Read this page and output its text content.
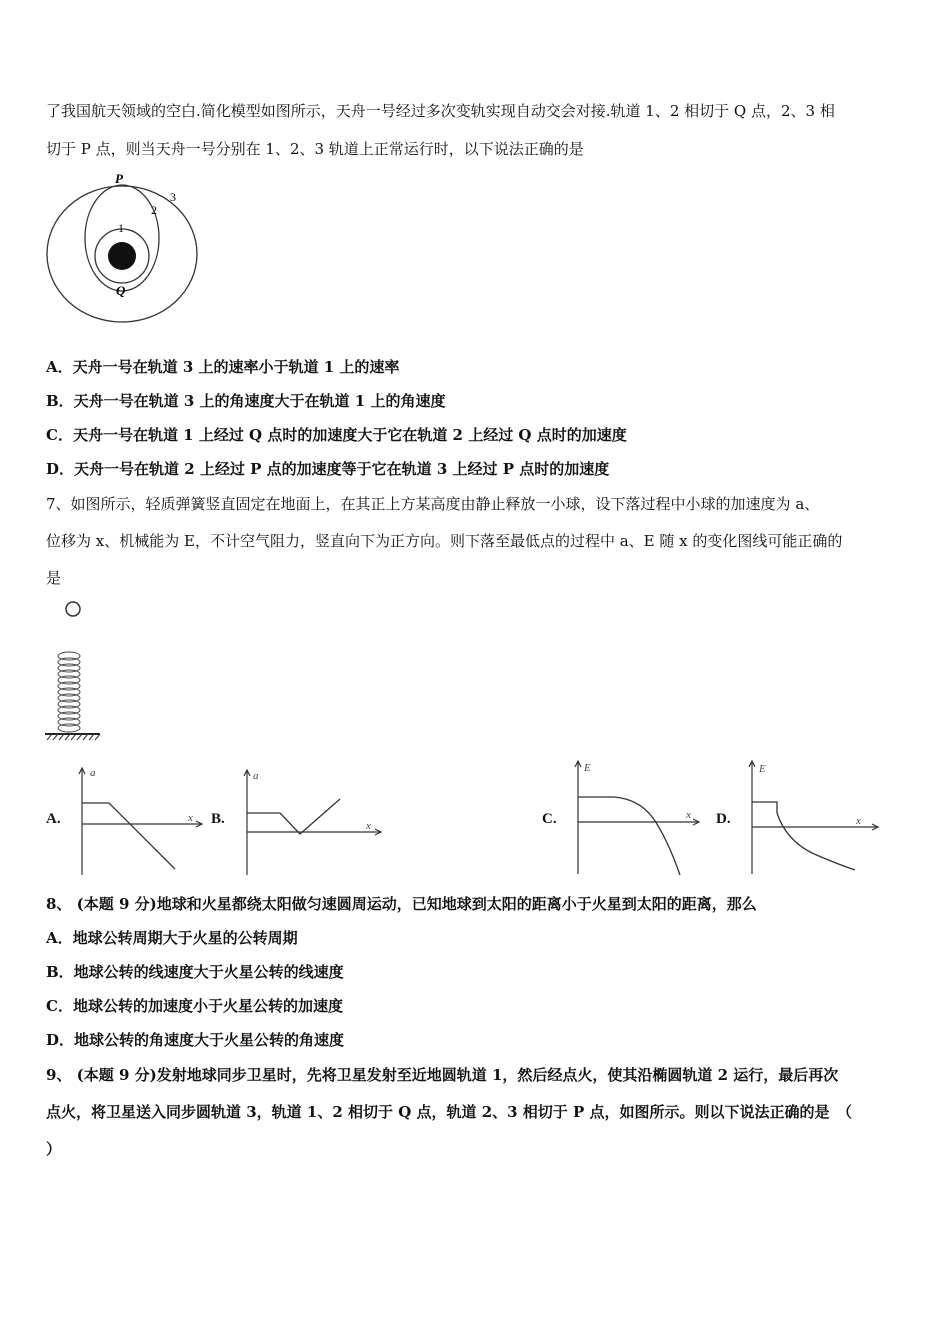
了我国航天领域的空白.简化模型如图所示，天舟一号经过多次变轨实现自动交会对接.轨道 1、2 相切于 Q 点，2、3 相
切于 P 点，则当天舟一号分别在 1、2、3 轨道上正常运行时，以下说法正确的是
P
Q
1
2
3
A．天舟一号在轨道 3 上的速率小于轨道 1 上的速率
B．天舟一号在轨道 3 上的角速度大于在轨道 1 上的角速度
C．天舟一号在轨道 1 上经过 Q 点时的加速度大于它在轨道 2 上经过 Q 点时的加速度
D．天舟一号在轨道 2 上经过 P 点的加速度等于它在轨道 3 上经过 P 点时的加速度
7、如图所示，轻质弹簧竖直固定在地面上，在其正上方某高度由静止释放一小球，设下落过程中小球的加速度为 a、
位移为 x、机械能为 E，不计空气阻力，竖直向下为正方向。则下落至最低点的过程中 a、E 随 x 的变化图线可能正确的
是
A.	B.	C.	D.
a
x
a
x
E
x
E
x
8、 (本题 9 分)地球和火星都绕太阳做匀速圆周运动，已知地球到太阳的距离小于火星到太阳的距离，那么
A．地球公转周期大于火星的公转周期
B．地球公转的线速度大于火星公转的线速度
C．地球公转的加速度小于火星公转的加速度
D．地球公转的角速度大于火星公转的角速度
9、 (本题 9 分)发射地球同步卫星时，先将卫星发射至近地圆轨道 1，然后经点火，使其沿椭圆轨道 2 运行，最后再次
点火，将卫星送入同步圆轨道 3，轨道 1、2 相切于 Q 点，轨道 2、3 相切于 P 点，如图所示。则以下说法正确的是　（
）
